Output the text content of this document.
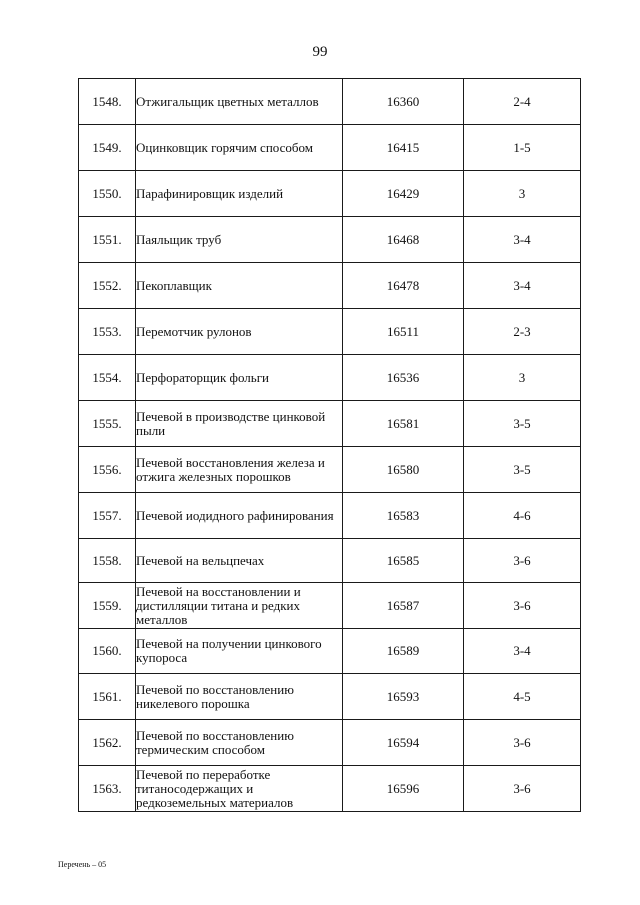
99
1548.	Отжигальщик цветных металлов	16360	2-4
1549.	Оцинковщик горячим способом	16415	1-5
1550.	Парафинировщик изделий	16429	3
1551.	Паяльщик труб	16468	3-4
1552.	Пекоплавщик	16478	3-4
1553.	Перемотчик рулонов	16511	2-3
1554.	Перфораторщик фольги	16536	3
1555.	Печевой в производстве цинковой пыли	16581	3-5
1556.	Печевой восстановления железа и отжига железных порошков	16580	3-5
1557.	Печевой иодидного рафинирования	16583	4-6
1558.	Печевой на вельцпечах	16585	3-6
1559.	Печевой на восстановлении и дистилляции титана и редких металлов	16587	3-6
1560.	Печевой на получении цинкового купороса	16589	3-4
1561.	Печевой по восстановлению никелевого порошка	16593	4-5
1562.	Печевой по восстановлению термическим способом	16594	3-6
1563.	Печевой по переработке титаносодержащих и редкоземельных материалов	16596	3-6
Перечень – 05
